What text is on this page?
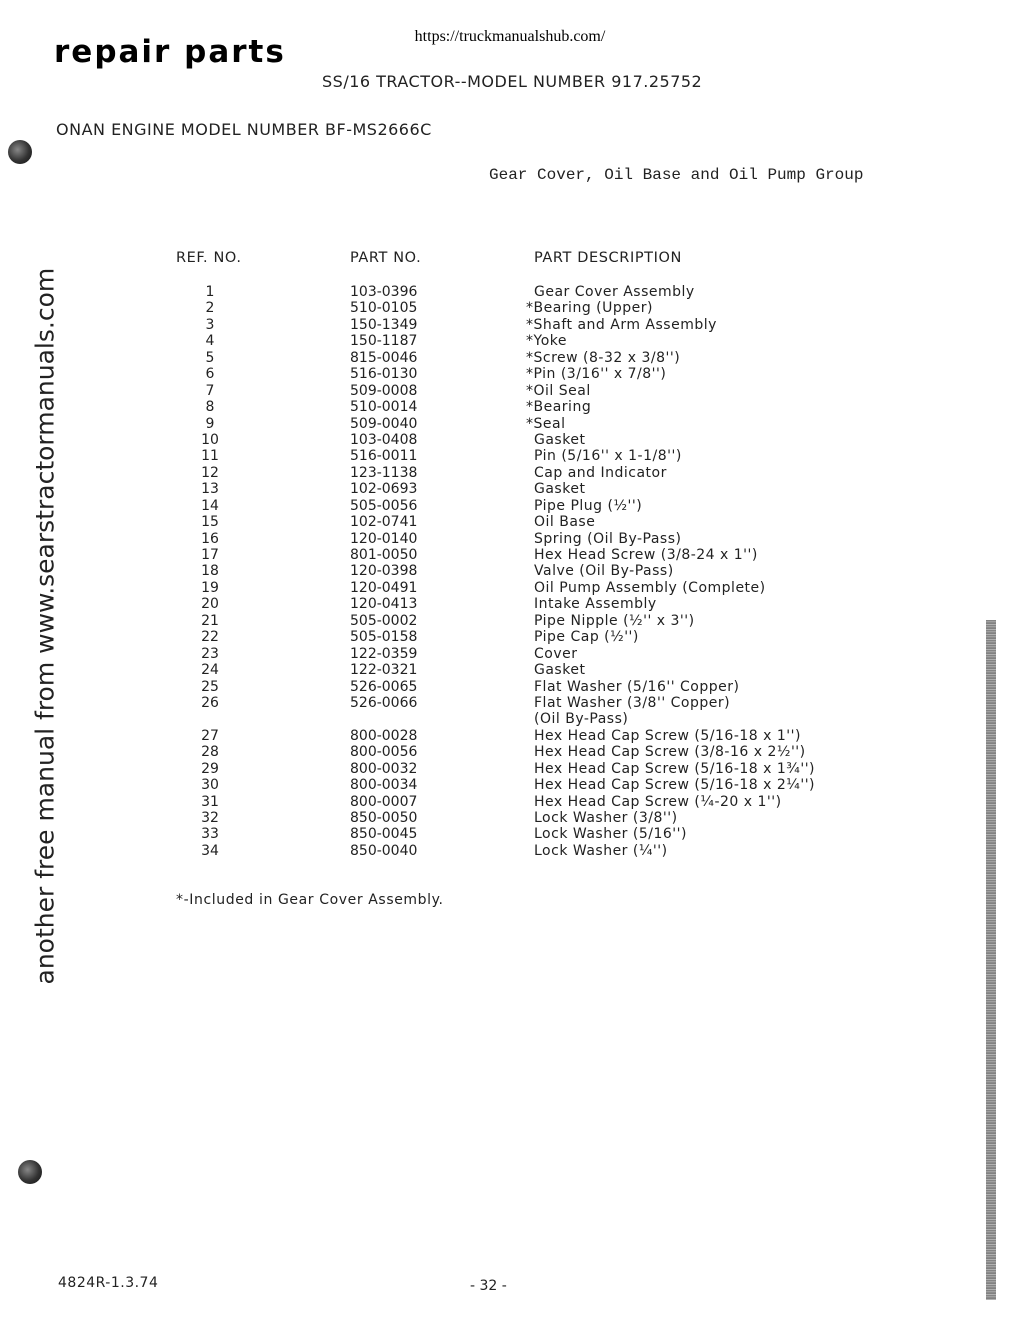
https://truckmanualshub.com/
repair parts
SS/16 TRACTOR--MODEL NUMBER 917.25752
ONAN ENGINE MODEL NUMBER BF-MS2666C
Gear Cover, Oil Base and Oil Pump Group
REF. NO.	PART NO.	PART DESCRIPTION
1	103-0396	Gear Cover Assembly
2	510-0105	*Bearing (Upper)
3	150-1349	*Shaft and Arm Assembly
4	150-1187	*Yoke
5	815-0046	*Screw (8-32 x 3/8'')
6	516-0130	*Pin (3/16'' x 7/8'')
7	509-0008	*Oil Seal
8	510-0014	*Bearing
9	509-0040	*Seal
10	103-0408	Gasket
11	516-0011	Pin (5/16'' x 1-1/8'')
12	123-1138	Cap and Indicator
13	102-0693	Gasket
14	505-0056	Pipe Plug (½'')
15	102-0741	Oil Base
16	120-0140	Spring (Oil By-Pass)
17	801-0050	Hex Head Screw (3/8-24 x 1'')
18	120-0398	Valve (Oil By-Pass)
19	120-0491	Oil Pump Assembly (Complete)
20	120-0413	Intake Assembly
21	505-0002	Pipe Nipple (½'' x 3'')
22	505-0158	Pipe Cap (½'')
23	122-0359	Cover
24	122-0321	Gasket
25	526-0065	Flat Washer (5/16'' Copper)
26	526-0066	Flat Washer (3/8'' Copper)
(Oil By-Pass)
27	800-0028	Hex Head Cap Screw (5/16-18 x 1'')
28	800-0056	Hex Head Cap Screw (3/8-16 x 2½'')
29	800-0032	Hex Head Cap Screw (5/16-18 x 1¾'')
30	800-0034	Hex Head Cap Screw (5/16-18 x 2¼'')
31	800-0007	Hex Head Cap Screw (¼-20 x 1'')
32	850-0050	Lock Washer (3/8'')
33	850-0045	Lock Washer (5/16'')
34	850-0040	Lock Washer (¼'')
*-Included in Gear Cover Assembly.
4824R-1.3.74	- 32 -
another free manual from www.searstractormanuals.com
